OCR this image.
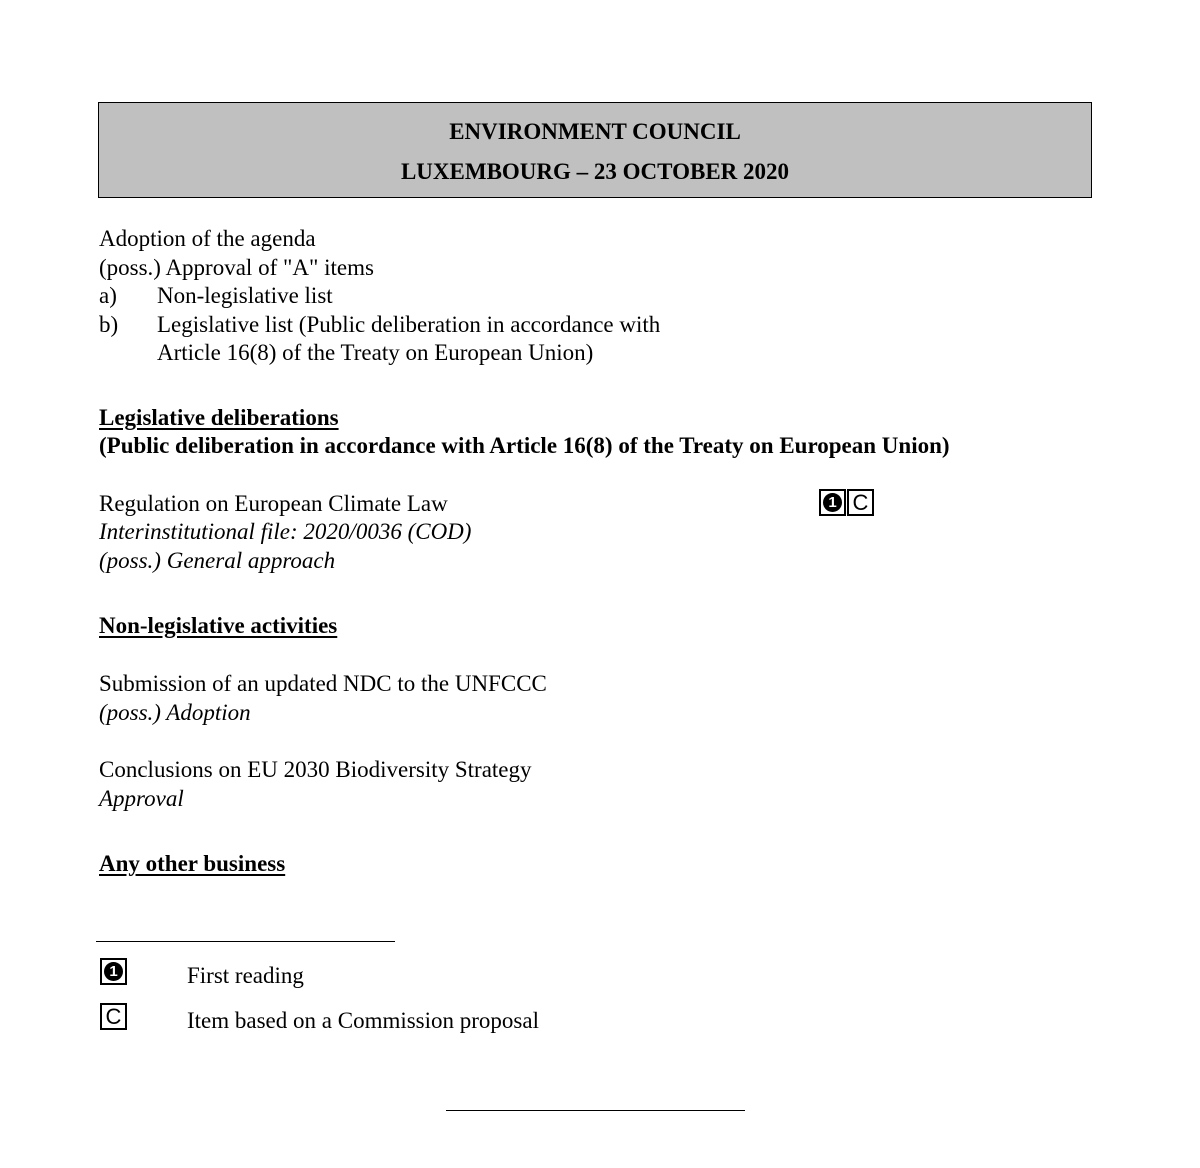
ENVIRONMENT COUNCIL
LUXEMBOURG – 23 OCTOBER 2020
Adoption of the agenda
(poss.) Approval of "A" items
a) Non-legislative list
b) Legislative list (Public deliberation in accordance with
Article 16(8) of the Treaty on European Union)
Legislative deliberations
(Public deliberation in accordance with Article 16(8) of the Treaty on European Union)
Regulation on European Climate Law
Interinstitutional file: 2020/0036 (COD)
(poss.) General approach
1 C
Non-legislative activities
Submission of an updated NDC to the UNFCCC
(poss.) Adoption
Conclusions on EU 2030 Biodiversity Strategy
Approval
Any other business
1	First reading
C	Item based on a Commission proposal
